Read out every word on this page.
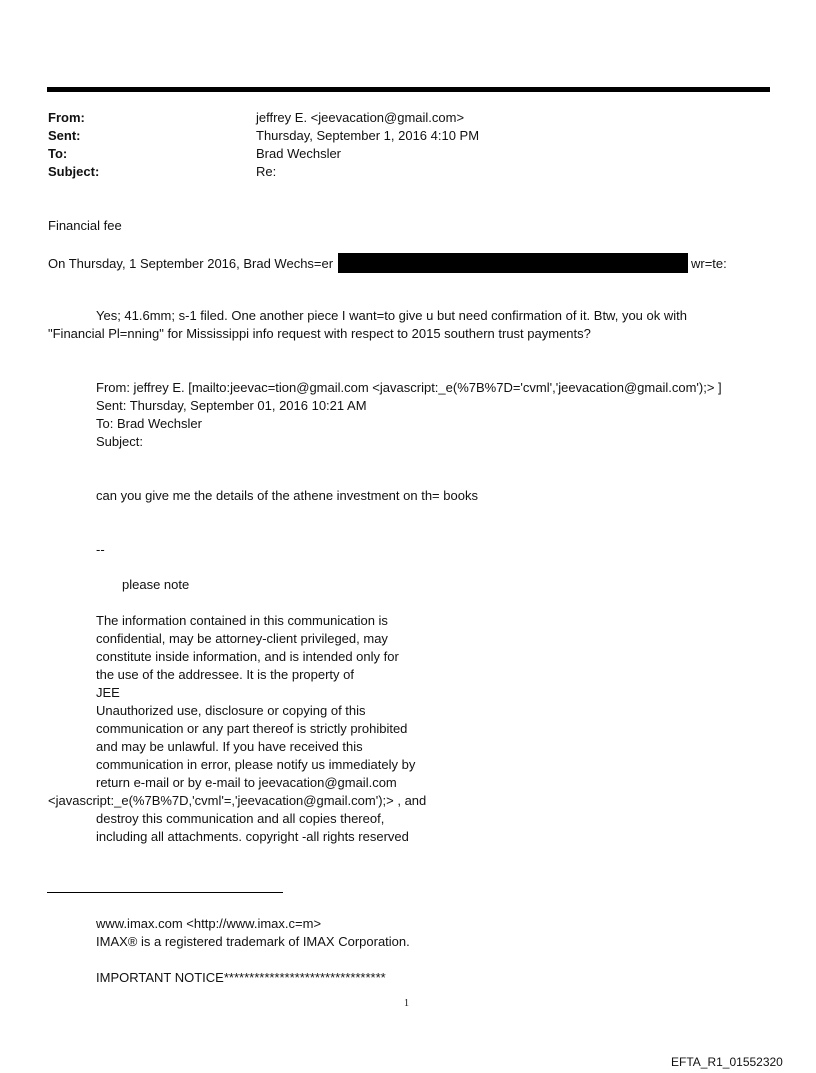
From:	jeffrey E. <jeevacation@gmail.com>
Sent:	Thursday, September 1, 2016 4:10 PM
To:	Brad Wechsler
Subject:	Re:
Financial fee
On Thursday, 1 September 2016, Brad Wechs=er	wr=te:
Yes; 41.6mm; s-1 filed. One another piece I want=to give u but need confirmation of it. Btw, you ok with
"Financial Pl=nning" for Mississippi info request with respect to 2015 southern trust payments?
From: jeffrey E. [mailto:jeevac=tion@gmail.com <javascript:_e(%7B%7D='cvml','jeevacation@gmail.com');> ]
Sent: Thursday, September 01, 2016 10:21 AM
To: Brad Wechsler
Subject:
can you give me the details of the athene investment on th= books
--
please note
The information contained in this communication is
confidential, may be attorney-client privileged, may
constitute inside information, and is intended only for
the use of the addressee. It is the property of
JEE
Unauthorized use, disclosure or copying of this
communication or any part thereof is strictly prohibited
and may be unlawful. If you have received this
communication in error, please notify us immediately by
return e-mail or by e-mail to jeevacation@gmail.com
<javascript:_e(%7B%7D,'cvml'=,'jeevacation@gmail.com');> , and
destroy this communication and all copies thereof,
including all attachments. copyright -all rights reserved
www.imax.com <http://www.imax.c=m>
IMAX® is a registered trademark of IMAX Corporation.
IMPORTANT NOTICE********************************
1
EFTA_R1_01552320
